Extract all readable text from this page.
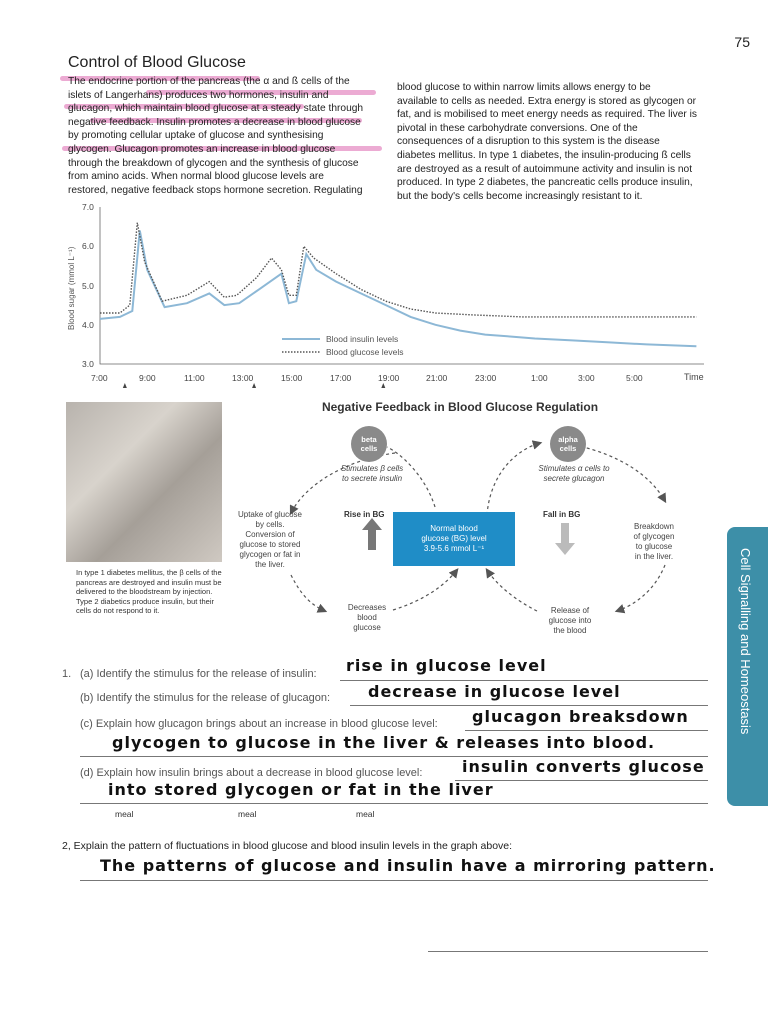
75
Control of Blood Glucose

The endocrine portion of the pancreas (the α and ß cells of the

islets of Langerhans) produces two hormones, insulin and

glucagon, which maintain blood glucose at a steady state through

negative feedback. Insulin promotes a decrease in blood glucose

by promoting cellular uptake of glucose and synthesising

glycogen. Glucagon promotes an increase in blood glucose

through the breakdown of glycogen and the synthesis of glucose

from amino acids. When normal blood glucose levels are

restored, negative feedback stops hormone secretion. Regulating

blood glucose to within narrow limits allows energy to be

available to cells as needed. Extra energy is stored as glycogen or

fat, and is mobilised to meet energy needs as required. The liver is

pivotal in these carbohydrate conversions. One of the

consequences of a disruption to this system is the disease

diabetes mellitus. In type 1 diabetes, the insulin-producing ß cells

are destroyed as a result of autoimmune activity and insulin is not

produced. In type 2 diabetes, the pancreatic cells produce insulin,

but the body's cells become increasingly resistant to it.

Blood sugar (mmol L⁻¹)
7.0
6.0
5.0
4.0
3.0
7:00	9:00	11:00	13:00	15:00	17:00	19:00	21:00	23:00	1:00	3:00	5:00	Time
Blood insulin levels
Blood glucose levels
In type 1 diabetes mellitus, the β cells of the pancreas are destroyed and insulin must be delivered to the bloodstream by injection. Type 2 diabetics produce insulin, but their cells do not respond to it.
Negative Feedback in Blood Glucose Regulation
beta
cells
alpha
cells
Stimulates β cells
to secrete insulin
Stimulates α cells to
secrete glucagon
Rise in BG	Fall in BG
Normal blood
glucose (BG) level
3.9-5.6 mmol L⁻¹
Uptake of glucose
by cells.
Conversion of
glucose to stored
glycogen or fat in
the liver.
Breakdown
of glycogen
to glucose
in the liver.
Decreases
blood
glucose
Release of
glucose into
the blood	Cell Signalling and Homeostasis
1. (a) Identify the stimulus for the release of insulin: rise in glucose level
(b) Identify the stimulus for the release of glucagon: decrease in glucose level
(c) Explain how glucagon brings about an increase in blood glucose level: glucagon breaksdown
glycogen to glucose in the liver & releases into blood.
(d) Explain how insulin brings about a decrease in blood glucose level: insulin converts glucose
into stored glycogen or fat in the liver
meal	meal	meal
2, Explain the pattern of fluctuations in blood glucose and blood insulin levels in the graph above:
The patterns of glucose and insulin have a mirroring pattern.
